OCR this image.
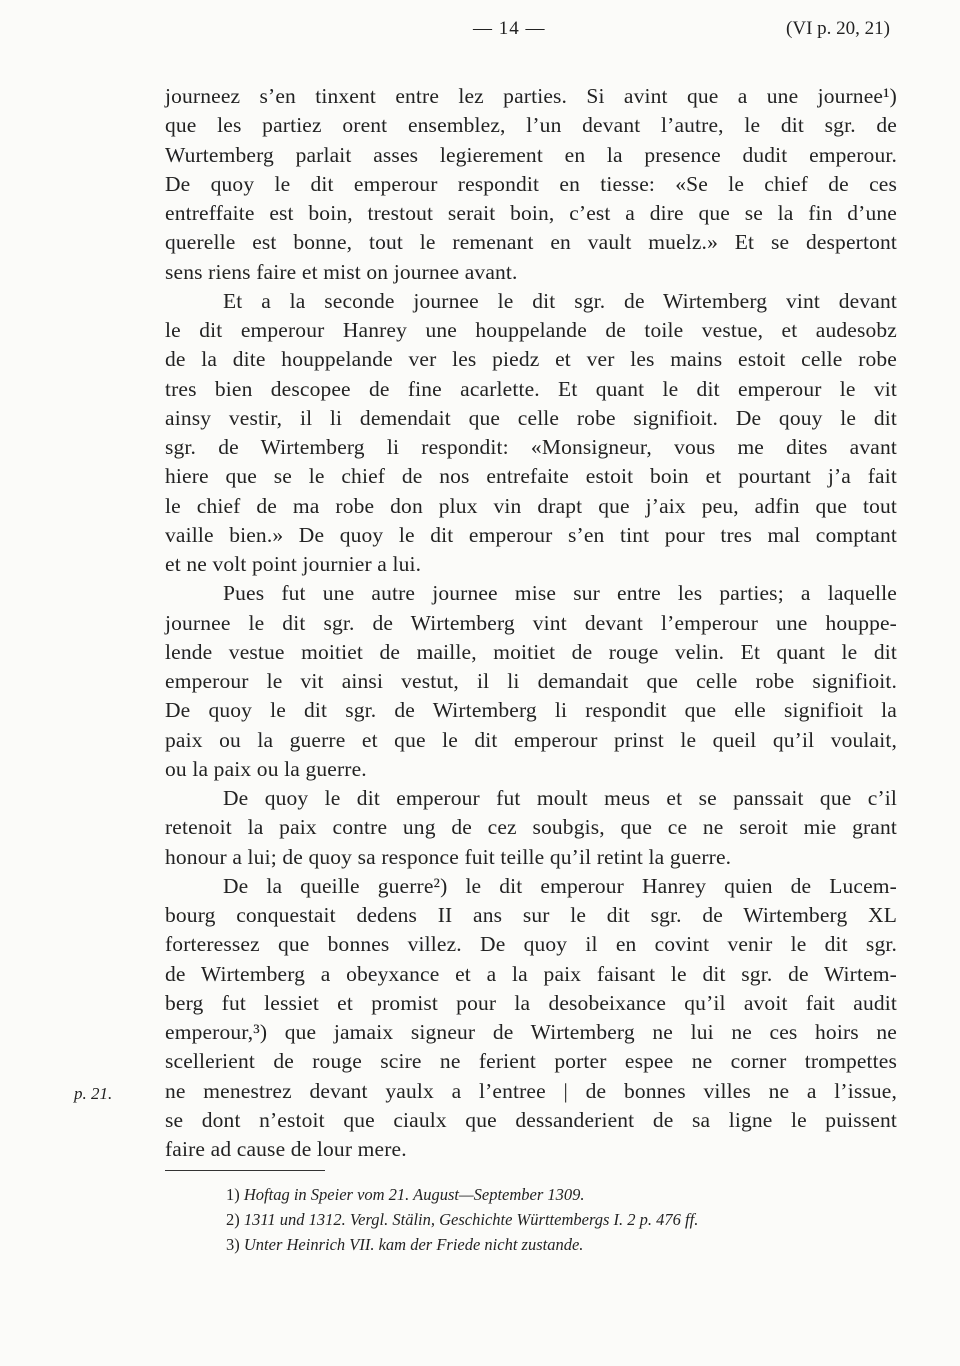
— 14 —	(VI p. 20, 21)
p. 21.
journeez s’en tinxent entre lez parties. Si avint que a une journee¹)
que les partiez orent ensemblez, l’un devant l’autre, le dit sgr. de
Wurtemberg parlait asses legierement en la presence dudit emperour.
De quoy le dit emperour respondit en tiesse: «Se le chief de ces
entreffaite est boin, trestout serait boin, c’est a dire que se la fin d’une
querelle est bonne, tout le remenant en vault muelz.» Et se despertont
sens riens faire et mist on journee avant.
Et a la seconde journee le dit sgr. de Wirtemberg vint devant
le dit emperour Hanrey une houppelande de toile vestue, et audesobz
de la dite houppelande ver les piedz et ver les mains estoit celle robe
tres bien descopee de fine acarlette. Et quant le dit emperour le vit
ainsy vestir, il li demendait que celle robe signifioit. De qouy le dit
sgr. de Wirtemberg li respondit: «Monsigneur, vous me dites avant
hiere que se le chief de nos entrefaite estoit boin et pourtant j’a fait
le chief de ma robe don plux vin drapt que j’aix peu, adfin que tout
vaille bien.» De quoy le dit emperour s’en tint pour tres mal comptant
et ne volt point journier a lui.
Pues fut une autre journee mise sur entre les parties; a laquelle
journee le dit sgr. de Wirtemberg vint devant l’emperour une houppe-
lende vestue moitiet de maille, moitiet de rouge velin. Et quant le dit
emperour le vit ainsi vestut, il li demandait que celle robe signifioit.
De quoy le dit sgr. de Wirtemberg li respondit que elle signifioit la
paix ou la guerre et que le dit emperour prinst le queil qu’il voulait,
ou la paix ou la guerre.
De quoy le dit emperour fut moult meus et se panssait que c’il
retenoit la paix contre ung de cez soubgis, que ce ne seroit mie grant
honour a lui; de quoy sa responce fuit teille qu’il retint la guerre.
De la queille guerre²) le dit emperour Hanrey quien de Lucem-
bourg conquestait dedens II ans sur le dit sgr. de Wirtemberg XL
forteressez que bonnes villez. De quoy il en covint venir le dit sgr.
de Wirtemberg a obeyxance et a la paix faisant le dit sgr. de Wirtem-
berg fut lessiet et promist pour la desobeixance qu’il avoit fait audit
emperour,³) que jamaix signeur de Wirtemberg ne lui ne ces hoirs ne
scellerient de rouge scire ne ferient porter espee ne corner trompettes
ne menestrez devant yaulx a l’entree | de bonnes villes ne a l’issue,
se dont n’estoit que ciaulx que dessanderient de sa ligne le puissent
faire ad cause de lour mere.
1) Hoftag in Speier vom 21. August—September 1309.
2) 1311 und 1312. Vergl. Stälin, Geschichte Württembergs I. 2 p. 476 ff.
3) Unter Heinrich VII. kam der Friede nicht zustande.
